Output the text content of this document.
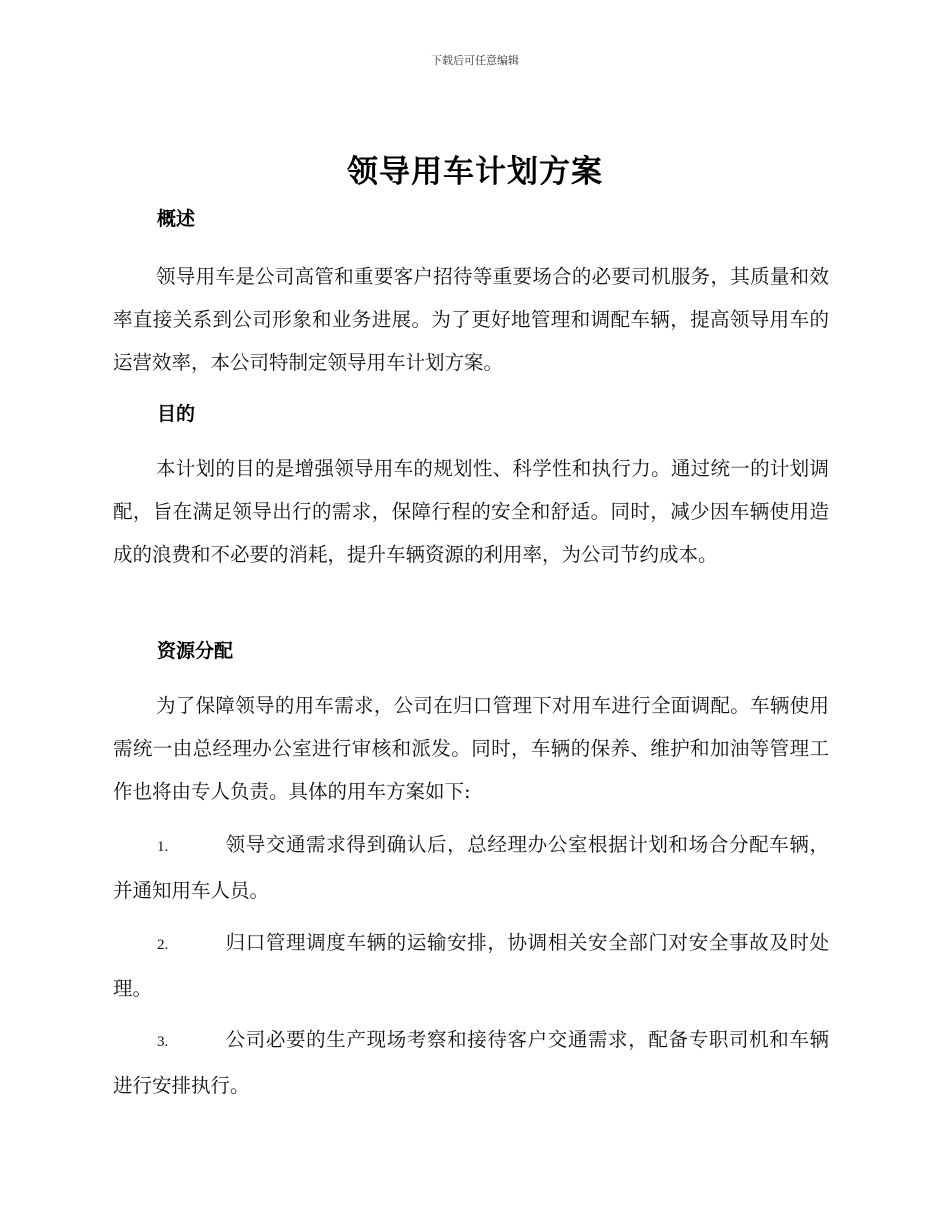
下载后可任意编辑
领导用车计划方案
概述
领导用车是公司高管和重要客户招待等重要场合的必要司机服务，其质量和效率直接关系到公司形象和业务进展。为了更好地管理和调配车辆，提高领导用车的运营效率，本公司特制定领导用车计划方案。
目的
本计划的目的是增强领导用车的规划性、科学性和执行力。通过统一的计划调配，旨在满足领导出行的需求，保障行程的安全和舒适。同时，减少因车辆使用造成的浪费和不必要的消耗，提升车辆资源的利用率，为公司节约成本。
资源分配
为了保障领导的用车需求，公司在归口管理下对用车进行全面调配。车辆使用需统一由总经理办公室进行审核和派发。同时，车辆的保养、维护和加油等管理工作也将由专人负责。具体的用车方案如下:
1.	领导交通需求得到确认后，总经理办公室根据计划和场合分配车辆，并通知用车人员。
2.	归口管理调度车辆的运输安排，协调相关安全部门对安全事故及时处理。
3.	公司必要的生产现场考察和接待客户交通需求，配备专职司机和车辆进行安排执行。
